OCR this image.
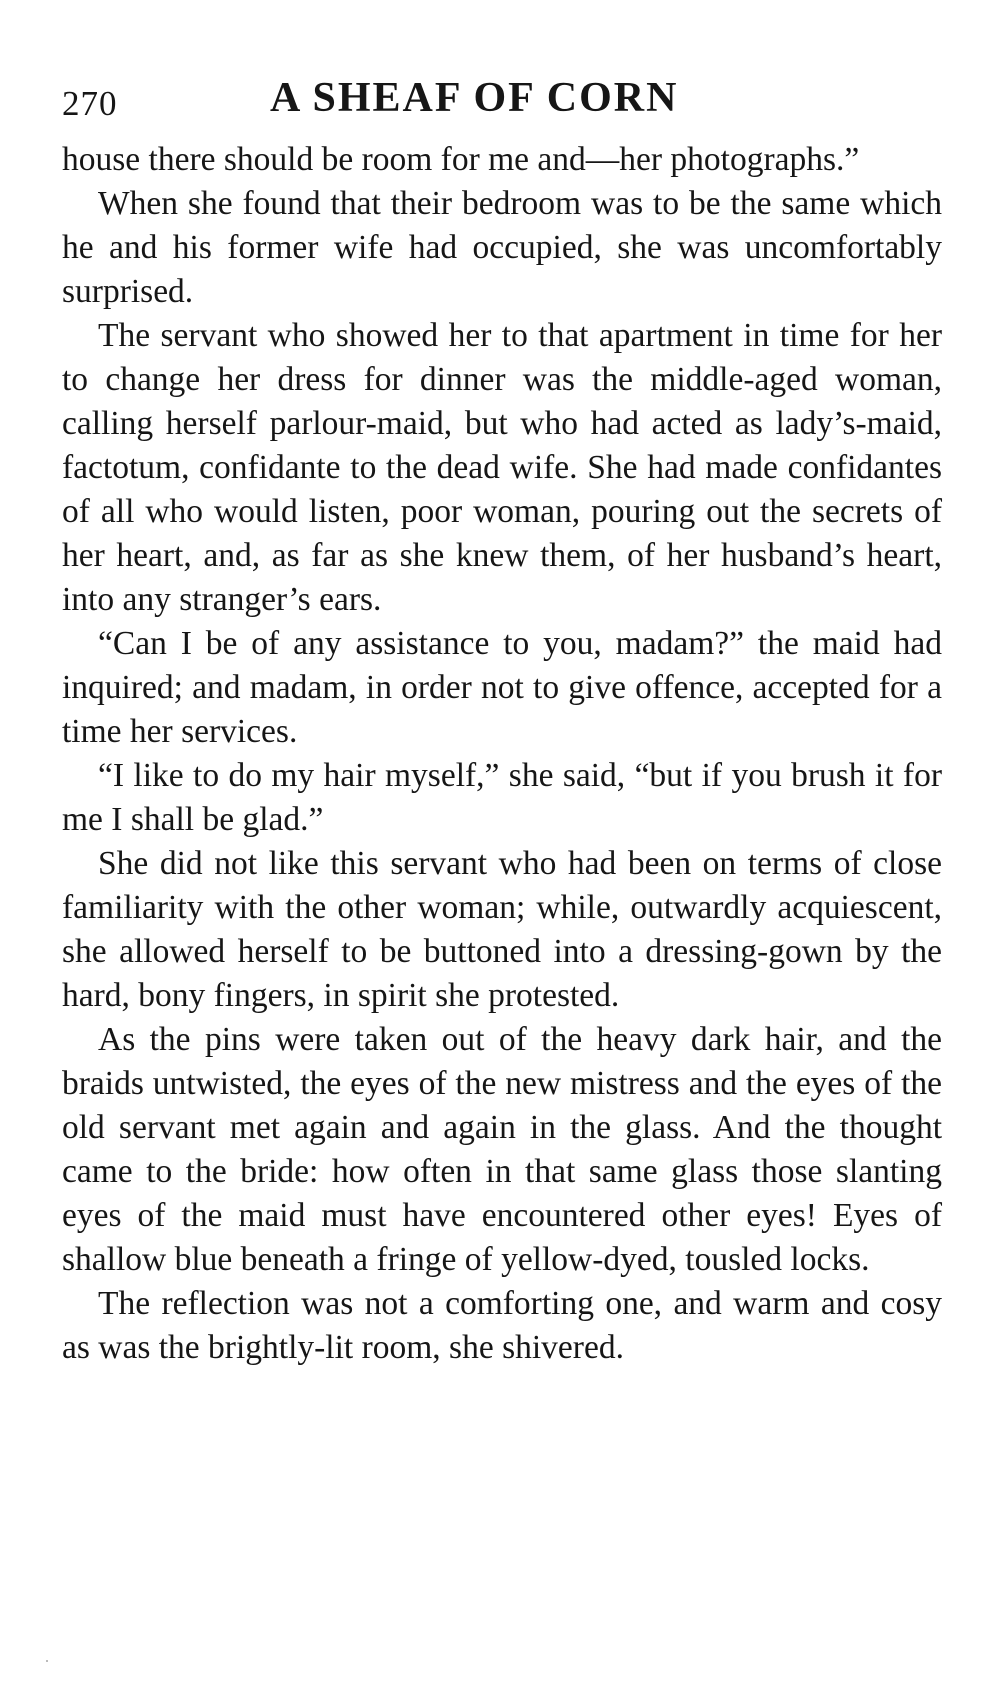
270	A SHEAF OF CORN

house there should be room for me and—her photographs.”

When she found that their bedroom was to be the same which he and his former wife had occupied, she was uncomfortably surprised.

The servant who showed her to that apartment in time for her to change her dress for dinner was the middle-aged woman, calling herself parlour-maid, but who had acted as lady’s-maid, factotum, confidante to the dead wife. She had made confidantes of all who would listen, poor woman, pouring out the secrets of her heart, and, as far as she knew them, of her husband’s heart, into any stranger’s ears.

“Can I be of any assistance to you, madam?” the maid had inquired; and madam, in order not to give offence, accepted for a time her services.

“I like to do my hair myself,” she said, “but if you brush it for me I shall be glad.”

She did not like this servant who had been on terms of close familiarity with the other woman; while, outwardly acquiescent, she allowed herself to be buttoned into a dressing-gown by the hard, bony fingers, in spirit she protested.

As the pins were taken out of the heavy dark hair, and the braids untwisted, the eyes of the new mistress and the eyes of the old servant met again and again in the glass. And the thought came to the bride: how often in that same glass those slanting eyes of the maid must have encountered other eyes! Eyes of shallow blue beneath a fringe of yellow-dyed, tousled locks.

The reflection was not a comforting one, and warm and cosy as was the brightly-lit room, she shivered.
